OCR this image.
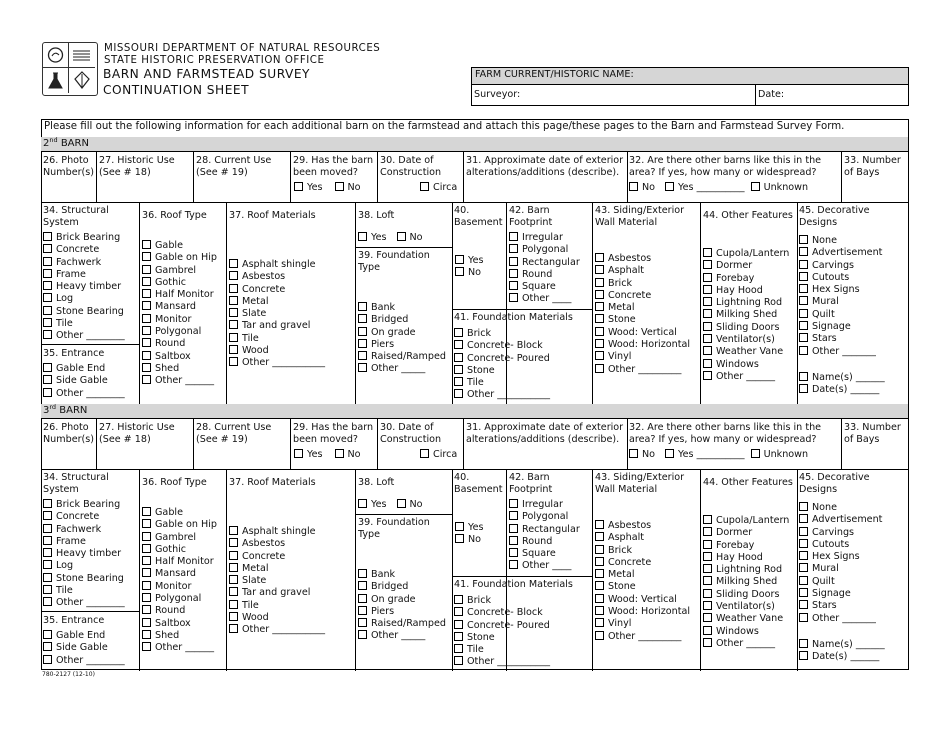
MISSOURI DEPARTMENT OF NATURAL RESOURCES
STATE HISTORIC PRESERVATION OFFICE
BARN AND FARMSTEAD SURVEY
CONTINUATION SHEET
FARM CURRENT/HISTORIC NAME:
Surveyor:	Date:
Please fill out the following information for each additional barn on the farmstead and attach this page/these pages to the Barn and Farmstead Survey Form.
2nd BARN
26. Photo
Number(s)
27. Historic Use
(See # 18)
28. Current Use
(See # 19)
29. Has the barn
been moved?
Yes	No
30. Date of
Construction
Circa
31. Approximate date of exterior
alterations/additions (describe).
32. Are there other barns like this in the
area? If yes, how many or widespread?
No Yes __________ Unknown
33. Number
of Bays
34. Structural
System
Brick Bearing
Concrete
Fachwerk
Frame
Heavy timber
Log
Stone Bearing
Tile
Other ________
35. Entrance
Gable End
Side Gable
Other ________
36. Roof Type
Gable
Gable on Hip
Gambrel
Gothic
Half Monitor
Mansard
Monitor
Polygonal
Round
Saltbox
Shed
Other ______
37. Roof Materials
Asphalt shingle
Asbestos
Concrete
Metal
Slate
Tar and gravel
Tile
Wood
Other ___________
38. Loft
Yes No
39. Foundation
Type
Bank
Bridged
On grade
Piers
Raised/Ramped
Other _____
40.
Basement
Yes
No
42. Barn
Footprint
Irregular
Polygonal
Rectangular
Round
Square
Other ____
41. Foundation Materials
Brick
Concrete- Block
Concrete- Poured
Stone
Tile
Other ___________
43. Siding/Exterior
Wall Material
Asbestos
Asphalt
Brick
Concrete
Metal
Stone
Wood: Vertical
Wood: Horizontal
Vinyl
Other _________
44. Other Features
Cupola/Lantern
Dormer
Forebay
Hay Hood
Lightning Rod
Milking Shed
Sliding Doors
Ventilator(s)
Weather Vane
Windows
Other ______
45. Decorative
Designs
None
Advertisement
Carvings
Cutouts
Hex Signs
Mural
Quilt
Signage
Stars
Other _______
Name(s) ______
Date(s) ______
3rd BARN
26. Photo
Number(s)
27. Historic Use
(See # 18)
28. Current Use
(See # 19)
29. Has the barn
been moved?
Yes	No
30. Date of
Construction
Circa
31. Approximate date of exterior
alterations/additions (describe).
32. Are there other barns like this in the
area? If yes, how many or widespread?
No Yes __________ Unknown
33. Number
of Bays
34. Structural
System
Brick Bearing
Concrete
Fachwerk
Frame
Heavy timber
Log
Stone Bearing
Tile
Other ________
35. Entrance
Gable End
Side Gable
Other ________
36. Roof Type
Gable
Gable on Hip
Gambrel
Gothic
Half Monitor
Mansard
Monitor
Polygonal
Round
Saltbox
Shed
Other ______
37. Roof Materials
Asphalt shingle
Asbestos
Concrete
Metal
Slate
Tar and gravel
Tile
Wood
Other ___________
38. Loft
Yes No
39. Foundation
Type
Bank
Bridged
On grade
Piers
Raised/Ramped
Other _____
40.
Basement
Yes
No
42. Barn
Footprint
Irregular
Polygonal
Rectangular
Round
Square
Other ____
41. Foundation Materials
Brick
Concrete- Block
Concrete- Poured
Stone
Tile
Other ___________
43. Siding/Exterior
Wall Material
Asbestos
Asphalt
Brick
Concrete
Metal
Stone
Wood: Vertical
Wood: Horizontal
Vinyl
Other _________
44. Other Features
Cupola/Lantern
Dormer
Forebay
Hay Hood
Lightning Rod
Milking Shed
Sliding Doors
Ventilator(s)
Weather Vane
Windows
Other ______
45. Decorative
Designs
None
Advertisement
Carvings
Cutouts
Hex Signs
Mural
Quilt
Signage
Stars
Other _______
Name(s) ______
Date(s) ______
780-2127 (12-10)
